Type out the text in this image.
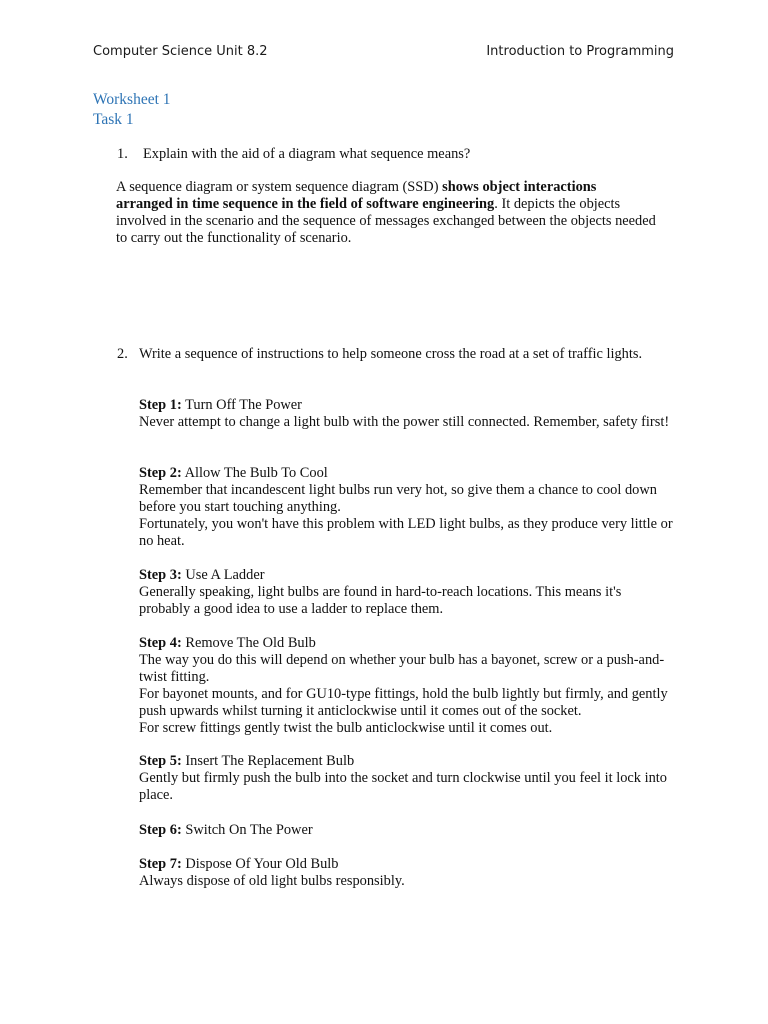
Computer Science Unit 8.2	Introduction to Programming
Worksheet 1
Task 1
1. Explain with the aid of a diagram what sequence means?

A sequence diagram or system sequence diagram (SSD) shows object interactions arranged in time sequence in the field of software engineering. It depicts the objects involved in the scenario and the sequence of messages exchanged between the objects needed to carry out the functionality of scenario.

2. Write a sequence of instructions to help someone cross the road at a set of traffic lights.

Step 1: Turn Off The Power

Never attempt to change a light bulb with the power still connected. Remember, safety first!

Step 2: Allow The Bulb To Cool

Remember that incandescent light bulbs run very hot, so give them a chance to cool down before you start touching anything.

Fortunately, you won't have this problem with LED light bulbs, as they produce very little or no heat.

Step 3: Use A Ladder

Generally speaking, light bulbs are found in hard-to-reach locations. This means it's probably a good idea to use a ladder to replace them.

Step 4: Remove The Old Bulb

The way you do this will depend on whether your bulb has a bayonet, screw or a push-and-twist fitting.

For bayonet mounts, and for GU10-type fittings, hold the bulb lightly but firmly, and gently push upwards whilst turning it anticlockwise until it comes out of the socket.

For screw fittings gently twist the bulb anticlockwise until it comes out.

Step 5: Insert The Replacement Bulb

Gently but firmly push the bulb into the socket and turn clockwise until you feel it lock into place.

Step 6: Switch On The Power

Step 7: Dispose Of Your Old Bulb

Always dispose of old light bulbs responsibly.
